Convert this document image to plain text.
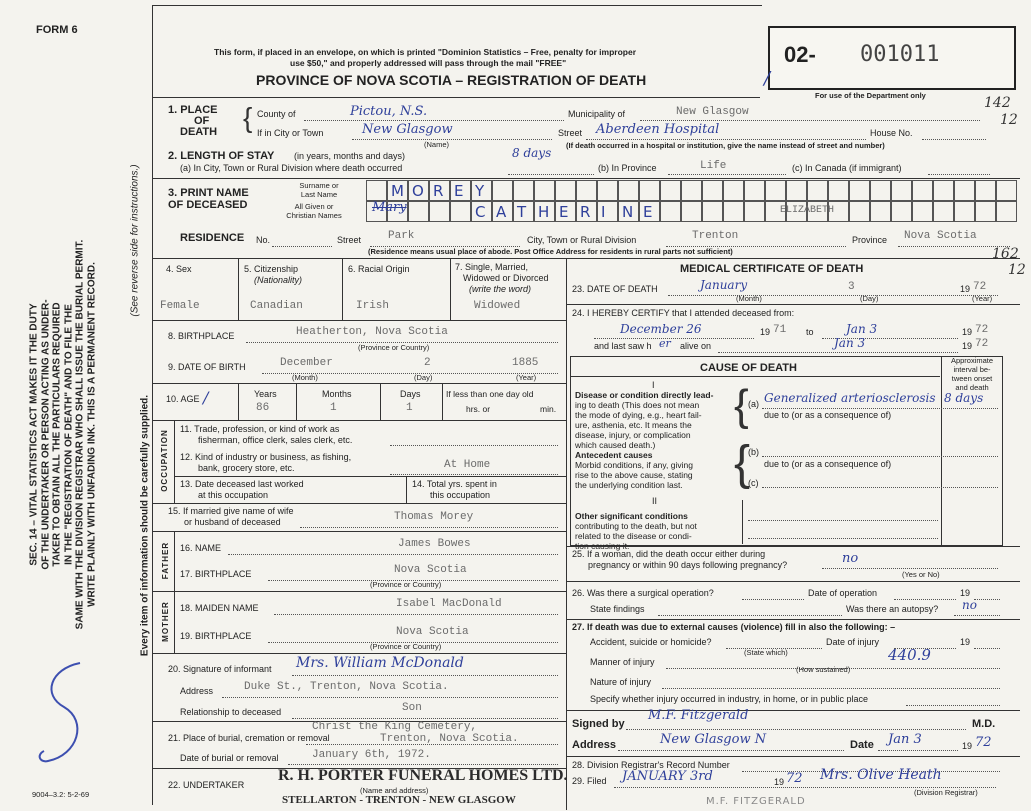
FORM 6
SEC. 14 – VITAL STATISTICS ACT MAKES IT THE DUTY OF THE UNDERTAKER OR PERSON ACTING AS UNDER- TAKER TO OBTAIN ALL THE PARTICULARS REQUIRED IN THE "REGISTRATION OF DEATH" AND TO FILE THE SAME WITH THE DIVISION REGISTRAR WHO SHALL ISSUE THE BURIAL PERMIT. WRITE PLAINLY WITH UNFADING INK. THIS IS A PERMANENT RECORD.	Every item of information should be carefully supplied.
(See reverse side for instructions.)
9004–3.2: 5-2-69
This form, if placed in an envelope, on which is printed "Dominion Statistics – Free, penalty for improper
use $50," and properly addressed will pass through the mail "FREE"
PROVINCE OF NOVA SCOTIA – REGISTRATION OF DEATH
02- 001011
For use of the Department only	142
12
162
12
/
1. PLACE
OF
DEATH { County of	Pictou, N.S.	Municipality of	New Glasgow
If in City or Town	New Glasgow
(Name)
Street Aberdeen Hospital	House No.
(If death occurred in a hospital or institution, give the name instead of street and number)
2. LENGTH OF STAY (in years, months and days)
(a) In City, Town or Rural Division where death occurred
8 days
(b) In Province	Life	(c) In Canada (if immigrant)
3. PRINT NAME
OF DECEASED
Surname or
Last Name
All Given or
Christian Names
M O R E Y
C A T H E R I N E
Mary	ELIZABETH
RESIDENCE No.	Street Park	City, Town or Rural Division	Trenton	Province Nova Scotia
(Residence means usual place of abode. Post Office Address for residents in rural parts not sufficient)
4. Sex
Female
5. Citizenship
(Nationality)
Canadian
6. Racial Origin
Irish
7. Single, Married,
Widowed or Divorced
(write the word)
Widowed
8. BIRTHPLACE	Heatherton, Nova Scotia
(Province or Country)
9. DATE OF BIRTH	December	2	1885
(Month)	(Day)	(Year)
10. AGE /	Years
86
Months
1
Days
1
If less than one day old
hrs. or	min.
OCCUPATION
11. Trade, profession, or kind of work as
fisherman, office clerk, sales clerk, etc.
12. Kind of industry or business, as fishing,
bank, grocery store, etc.	At Home
13. Date deceased last worked
at this occupation
14. Total yrs. spent in
this occupation
15. If married give name of wife
or husband of deceased	Thomas Morey
FATHER 16. NAME	James Bowes
17. BIRTHPLACE	Nova Scotia
(Province or Country)
MOTHER 18. MAIDEN NAME	Isabel MacDonald
19. BIRTHPLACE	Nova Scotia
(Province or Country)
20. Signature of informant Mrs. William McDonald
Address	Duke St., Trenton, Nova Scotia.
Relationship to deceased	Son
21. Place of burial, cremation or removal
Christ the King Cemetery,
Trenton, Nova Scotia.
Date of burial or removal	January 6th, 1972.
22. UNDERTAKER
R. H. PORTER FUNERAL HOMES LTD.
(Name and address)
STELLARTON - TRENTON - NEW GLASGOW
MEDICAL CERTIFICATE OF DEATH
23. DATE OF DEATH	January	3	19 72
(Month)	(Day)	(Year)
24. I HEREBY CERTIFY that I attended deceased from:
December 26	19 71 to	Jan 3	19 72
and last saw h er alive on	Jan 3	19 72
CAUSE OF DEATH
Approximate
interval be-
tween onset
and death
I
Disease or condition directly lead-
ing to death (This does not mean
the mode of dying, e.g., heart fail-
ure, asthenia, etc. It means the
disease, injury, or complication
which caused death.)
{ (a) Generalized arteriosclerosis 8 days
due to (or as a consequence of)
Antecedent causes
Morbid conditions, if any, giving
rise to the above cause, stating
the underlying condition last. {
(b)
due to (or as a consequence of)
(c)
II
Other significant conditions
contributing to the death, but not
related to the disease or condi-
tion causing it.
25. If a woman, did the death occur either during
pregnancy or within 90 days following pregnancy?	no
(Yes or No)
26. Was there a surgical operation?	Date of operation	19
State findings	Was there an autopsy? no
27. If death was due to external causes (violence) fill in also the following: –
Accident, suicide or homicide?	Date of injury	19
(State which)
Manner of injury	440.9
(How sustained)
Nature of injury
Specify whether injury occurred in industry, in home, or in public place
Signed by
M.F. Fitzgerald
M.D.
Address	New Glasgow N	Date Jan 3	19 72
28. Division Registrar's Record Number
29. Filed JANUARY 3rd	19 72 Mrs. Olive Heath
(Division Registrar)
M.F. FITZGERALD
